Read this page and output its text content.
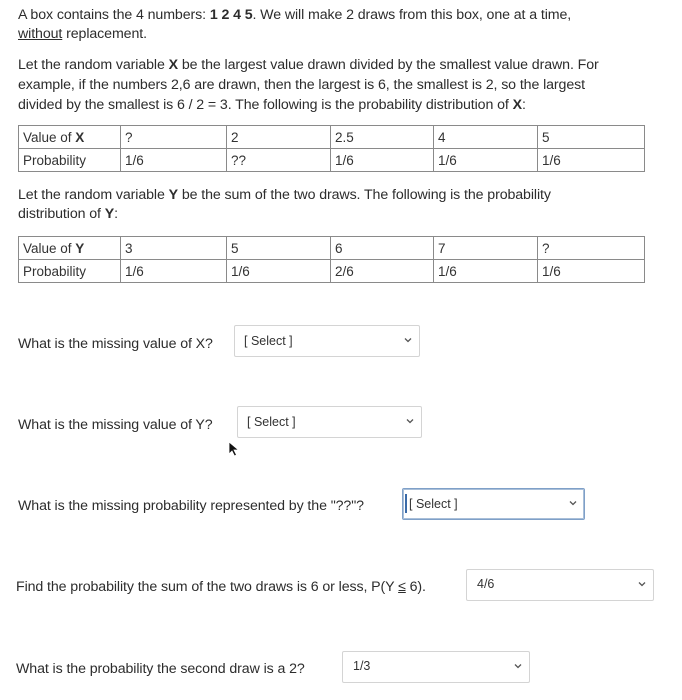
A box contains the 4 numbers: 1 2 4 5. We will make 2 draws from this box, one at a time,
without replacement.
Let the random variable X be the largest value drawn divided by the smallest value drawn. For
example, if the numbers 2,6 are drawn, then the largest is 6, the smallest is 2, so the largest
divided by the smallest is 6 / 2 = 3. The following is the probability distribution of X:
Value of X	?	2	2.5	4	5
Probability	1/6	??	1/6	1/6	1/6
Let the random variable Y be the sum of the two draws. The following is the probability
distribution of Y:
Value of Y	3	5	6	7	?
Probability	1/6	1/6	2/6	1/6	1/6
What is the missing value of X? [ Select ]
What is the missing value of Y?	[ Select ]
What is the missing probability represented by the "??"?	[ Select ]
Find the probability the sum of the two draws is 6 or less, P(Y ≤ 6).	4/6
What is the probability the second draw is a 2?	1/3
